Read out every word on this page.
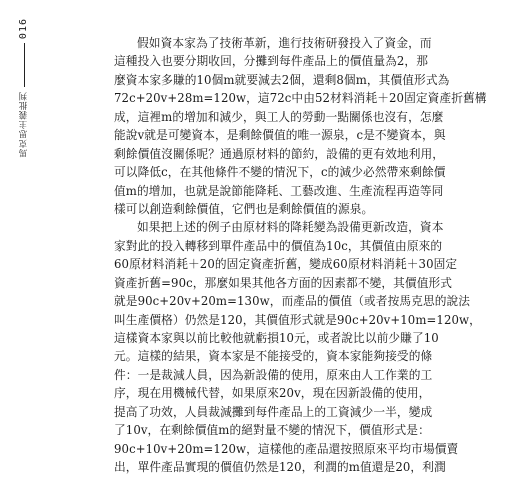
016
馬克思主義批判
假如資本家為了技術革新，進行技術研發投入了資金，而
這種投入也要分期收回，分攤到每件產品上的價值量為2，那
麼資本家多賺的10個m就要減去2個，還剩8個m，其價值形式為
72c+20v+28m=120w，這72c中由52材料消耗＋20固定資產折舊構
成，這裡m的增加和減少，與工人的勞動一點關係也沒有，怎麼
能說v就是可變資本，是剩餘價值的唯一源泉，c是不變資本，與
剩餘價值沒關係呢？通過原材料的節約，設備的更有效地利用，
可以降低c，在其他條件不變的情況下，c的減少必然帶來剩餘價
值m的增加，也就是說節能降耗、工藝改進、生產流程再造等同
樣可以創造剩餘價值，它們也是剩餘價值的源泉。
如果把上述的例子由原材料的降耗變為設備更新改造，資本
家對此的投入轉移到單件產品中的價值為10c，其價值由原來的
60原材料消耗＋20的固定資產折舊，變成60原材料消耗＋30固定
資產折舊=90c，那麼如果其他各方面的因素都不變，其價值形式
就是90c+20v+20m=130w，而產品的價值（或者按馬克思的說法
叫生產價格）仍然是120，其價值形式就是90c+20v+10m=120w，
這樣資本家與以前比較他就虧損10元，或者說比以前少賺了10
元。這樣的結果，資本家是不能接受的，資本家能夠接受的條
件：一是裁減人員，因為新設備的使用，原來由人工作業的工
序，現在用機械代替，如果原來20v，現在因新設備的使用，
提高了功效，人員裁減攤到每件產品上的工資減少一半，變成
了10v，在剩餘價值m的絕對量不變的情況下，價值形式是：
90c+10v+20m=120w，這樣他的產品還按照原來平均市場價賣
出，單件產品實現的價值仍然是120，利潤的m值還是20，利潤
